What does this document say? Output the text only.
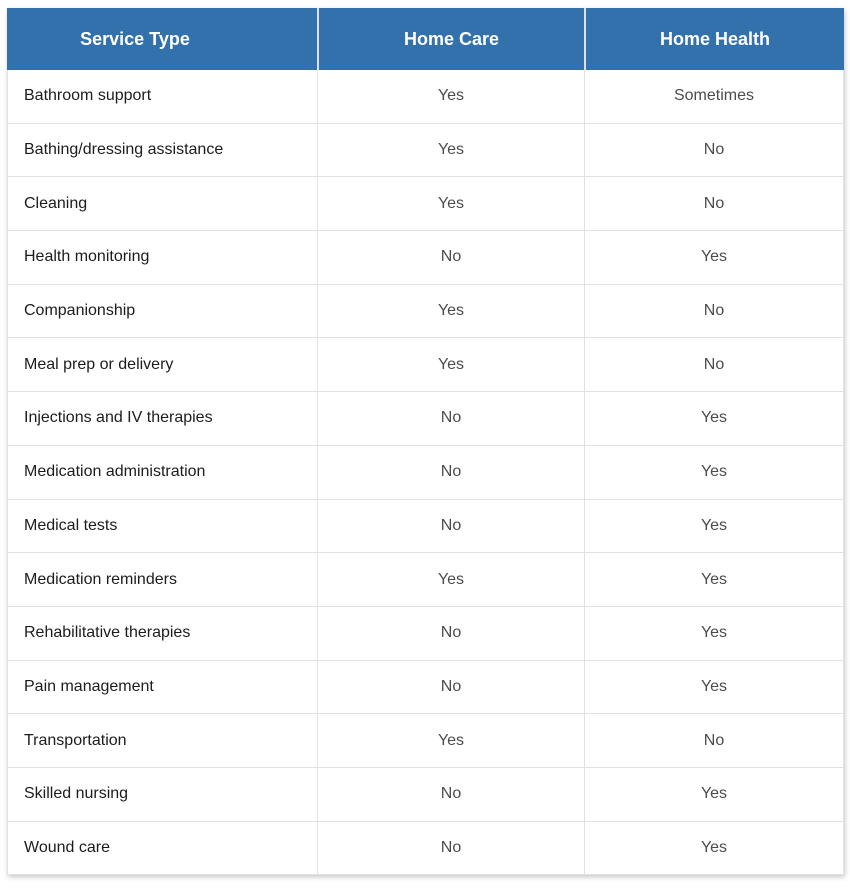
Service Type	Home Care	Home Health
Bathroom support	Yes	Sometimes
Bathing/dressing assistance	Yes	No
Cleaning	Yes	No
Health monitoring	No	Yes
Companionship	Yes	No
Meal prep or delivery	Yes	No
Injections and IV therapies	No	Yes
Medication administration	No	Yes
Medical tests	No	Yes
Medication reminders	Yes	Yes
Rehabilitative therapies	No	Yes
Pain management	No	Yes
Transportation	Yes	No
Skilled nursing	No	Yes
Wound care	No	Yes
